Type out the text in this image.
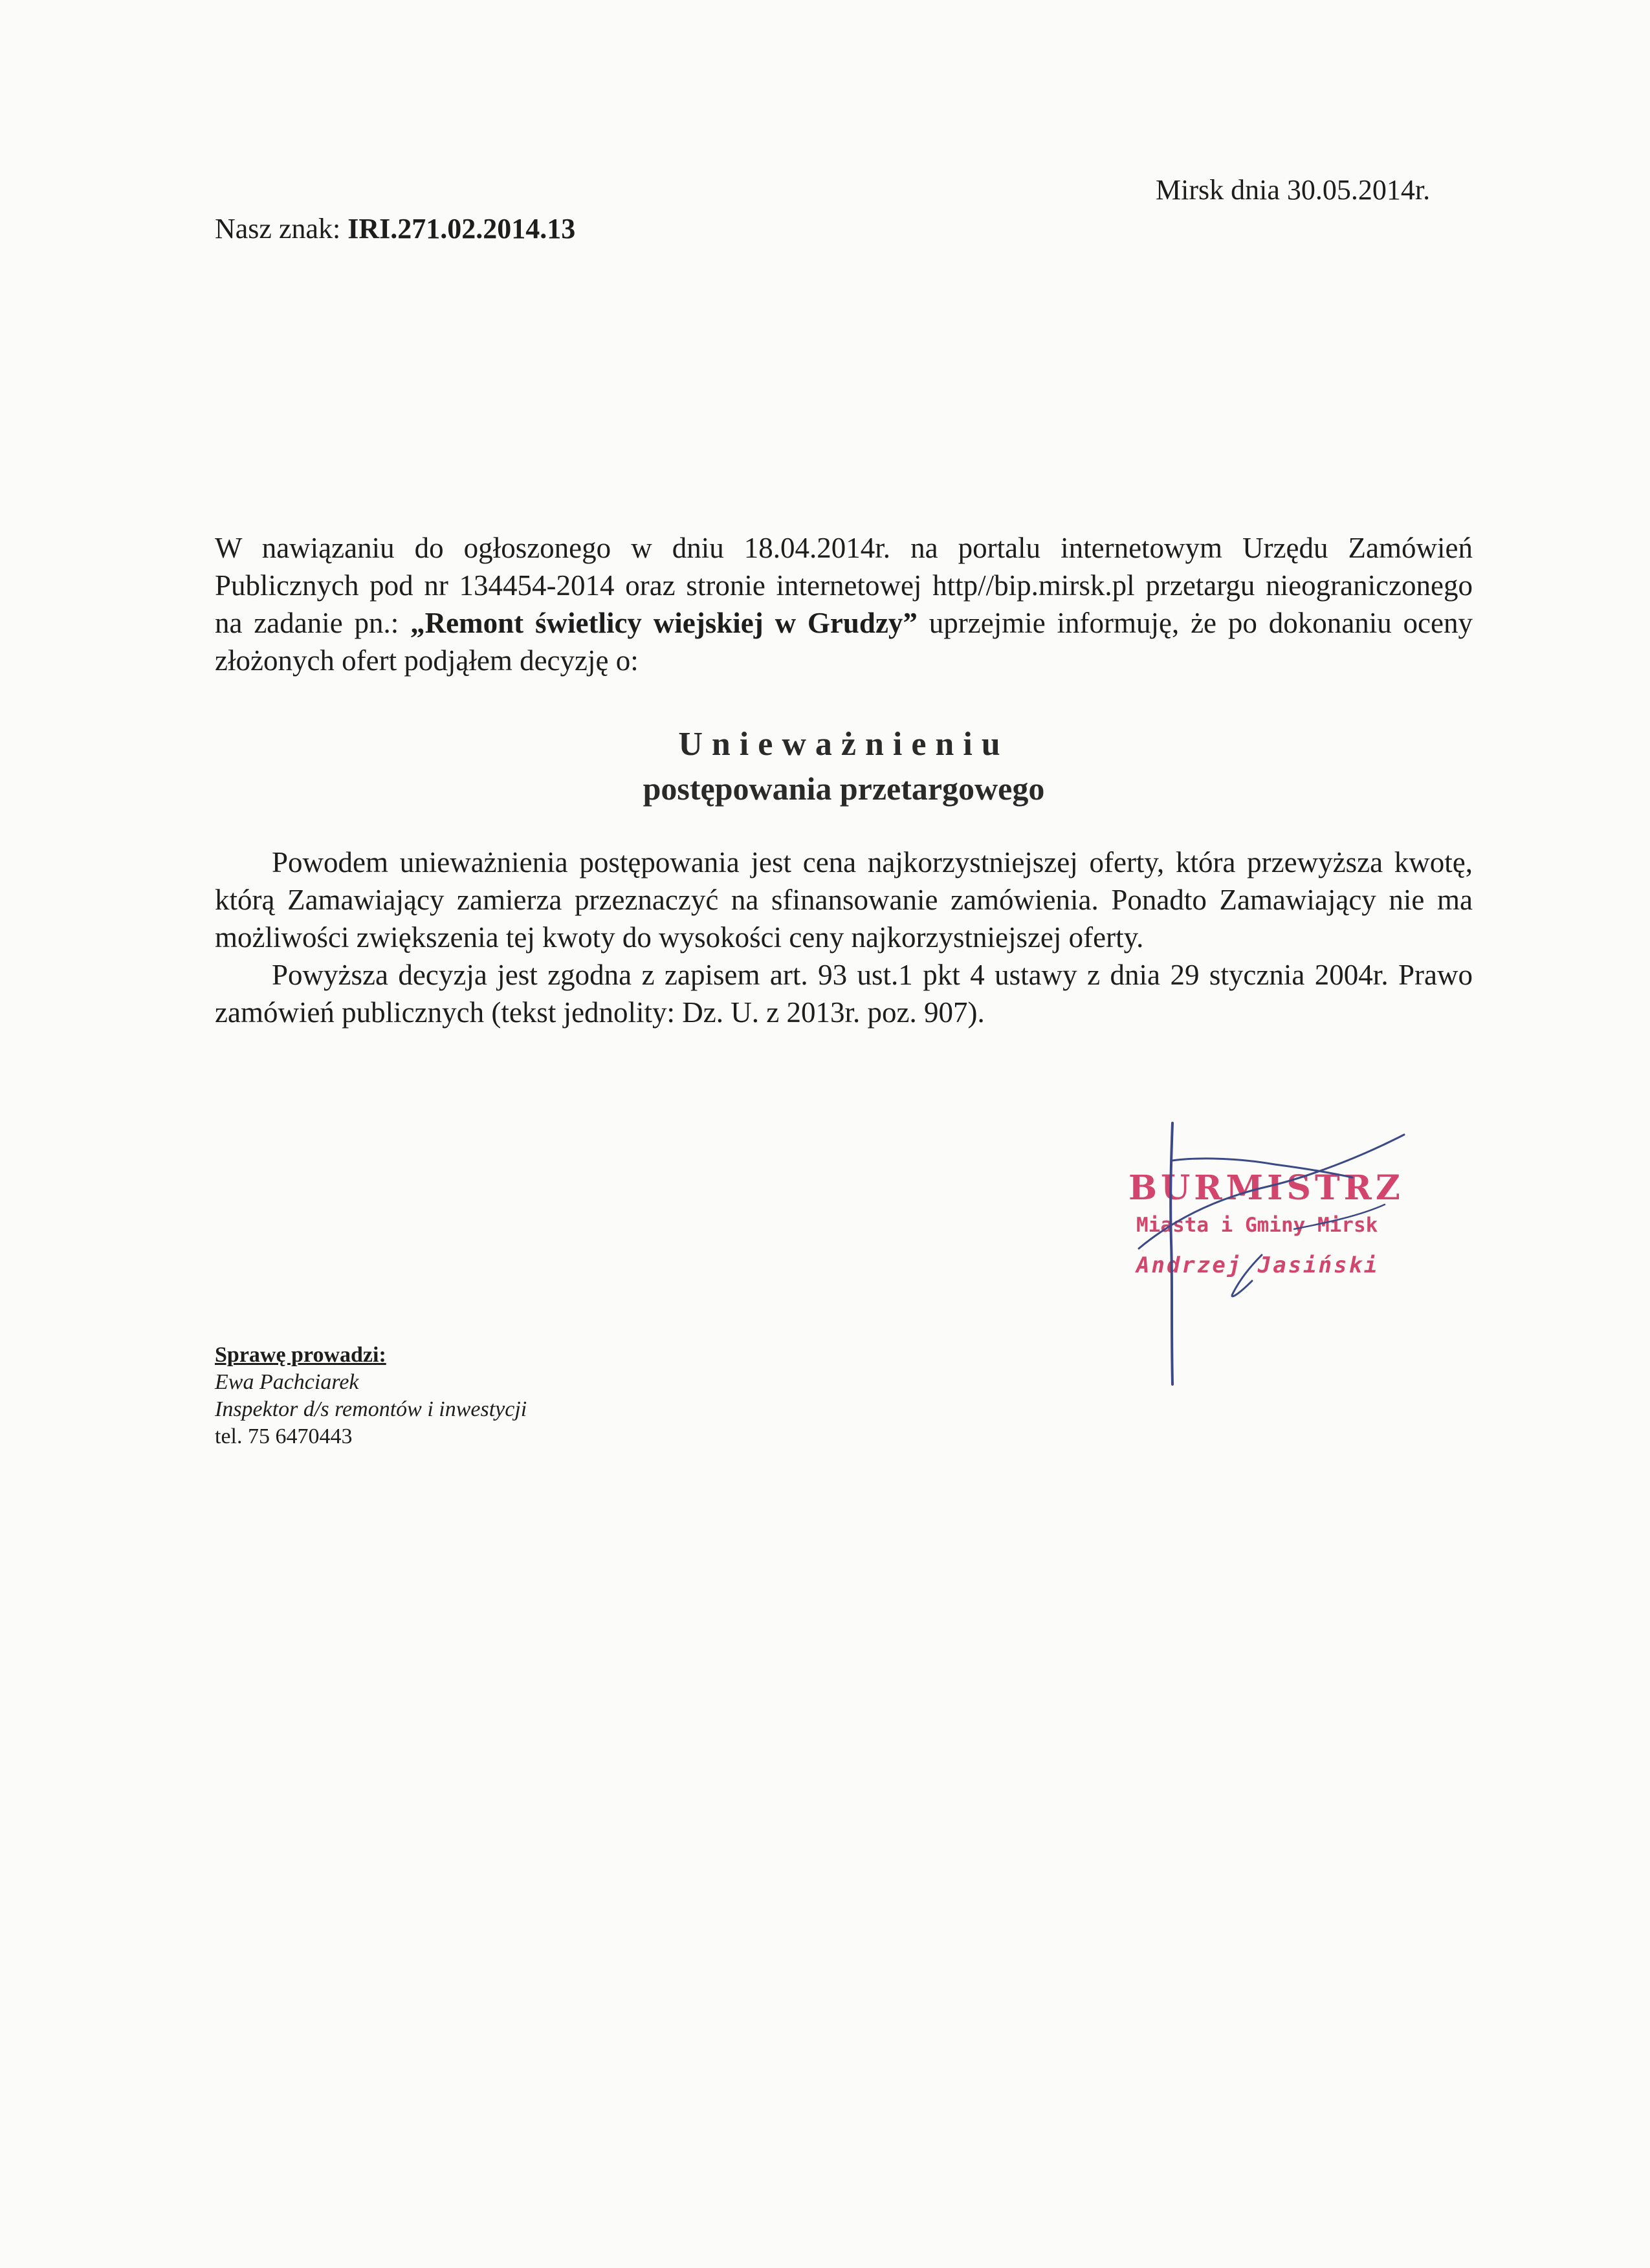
Mirsk dnia 30.05.2014r.
Nasz znak: IRI.271.02.2014.13
W nawiązaniu do ogłoszonego w dniu 18.04.2014r. na portalu internetowym Urzędu Zamówień Publicznych pod nr 134454-2014 oraz stronie internetowej http//bip.mirsk.pl przetargu nieograniczonego na zadanie pn.: „Remont świetlicy wiejskiej w Grudzy” uprzejmie informuję, że po dokonaniu oceny złożonych ofert podjąłem decyzję o:
Unieważnieniu
postępowania przetargowego

Powodem unieważnienia postępowania jest cena najkorzystniejszej oferty, która przewyższa kwotę, którą Zamawiający zamierza przeznaczyć na sfinansowanie zamówienia. Ponadto Zamawiający nie ma możliwości zwiększenia tej kwoty do wysokości ceny najkorzystniejszej oferty.

Powyższa decyzja jest zgodna z zapisem art. 93 ust.1 pkt 4 ustawy z dnia 29 stycznia 2004r. Prawo zamówień publicznych (tekst jednolity: Dz. U. z 2013r. poz. 907).

BURMISTRZ
Miasta i Gminy Mirsk
Andrzej Jasiński
Sprawę prowadzi:
Ewa Pachciarek
Inspektor d/s remontów i inwestycji
tel. 75 6470443
